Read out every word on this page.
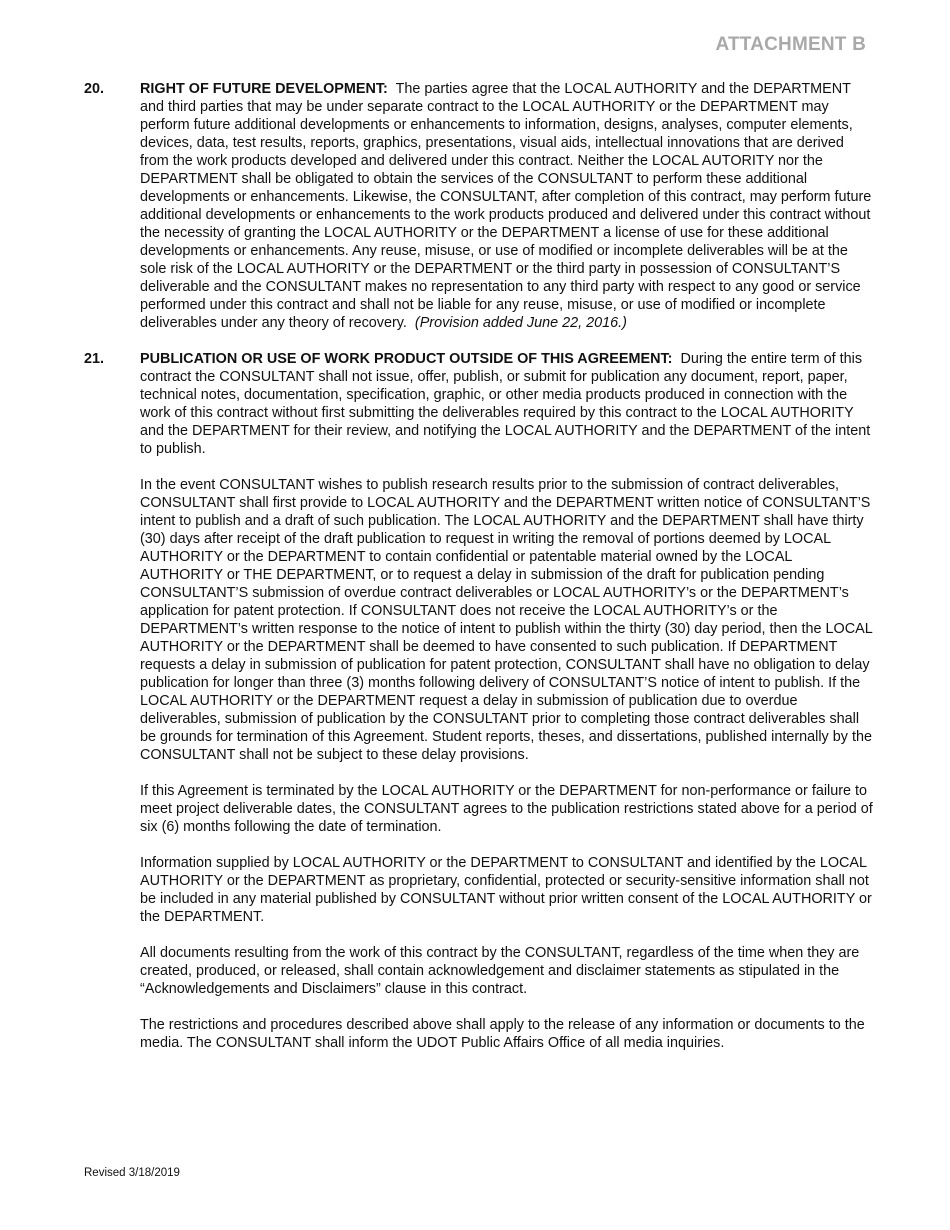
ATTACHMENT B
20. RIGHT OF FUTURE DEVELOPMENT: The parties agree that the LOCAL AUTHORITY and the DEPARTMENT and third parties that may be under separate contract to the LOCAL AUTHORITY or the DEPARTMENT may perform future additional developments or enhancements to information, designs, analyses, computer elements, devices, data, test results, reports, graphics, presentations, visual aids, intellectual innovations that are derived from the work products developed and delivered under this contract. Neither the LOCAL AUTORITY nor the DEPARTMENT shall be obligated to obtain the services of the CONSULTANT to perform these additional developments or enhancements. Likewise, the CONSULTANT, after completion of this contract, may perform future additional developments or enhancements to the work products produced and delivered under this contract without the necessity of granting the LOCAL AUTHORITY or the DEPARTMENT a license of use for these additional developments or enhancements. Any reuse, misuse, or use of modified or incomplete deliverables will be at the sole risk of the LOCAL AUTHORITY or the DEPARTMENT or the third party in possession of CONSULTANT’S deliverable and the CONSULTANT makes no representation to any third party with respect to any good or service performed under this contract and shall not be liable for any reuse, misuse, or use of modified or incomplete deliverables under any theory of recovery. (Provision added June 22, 2016.)

21. PUBLICATION OR USE OF WORK PRODUCT OUTSIDE OF THIS AGREEMENT: During the entire term of this contract the CONSULTANT shall not issue, offer, publish, or submit for publication any document, report, paper, technical notes, documentation, specification, graphic, or other media products produced in connection with the work of this contract without first submitting the deliverables required by this contract to the LOCAL AUTHORITY and the DEPARTMENT for their review, and notifying the LOCAL AUTHORITY and the DEPARTMENT of the intent to publish.

In the event CONSULTANT wishes to publish research results prior to the submission of contract deliverables, CONSULTANT shall first provide to LOCAL AUTHORITY and the DEPARTMENT written notice of CONSULTANT’S intent to publish and a draft of such publication. The LOCAL AUTHORITY and the DEPARTMENT shall have thirty (30) days after receipt of the draft publication to request in writing the removal of portions deemed by LOCAL AUTHORITY or the DEPARTMENT to contain confidential or patentable material owned by the LOCAL AUTHORITY or THE DEPARTMENT, or to request a delay in submission of the draft for publication pending CONSULTANT’S submission of overdue contract deliverables or LOCAL AUTHORITY’s or the DEPARTMENT’s application for patent protection. If CONSULTANT does not receive the LOCAL AUTHORITY’s or the DEPARTMENT’s written response to the notice of intent to publish within the thirty (30) day period, then the LOCAL AUTHORITY or the DEPARTMENT shall be deemed to have consented to such publication. If DEPARTMENT requests a delay in submission of publication for patent protection, CONSULTANT shall have no obligation to delay publication for longer than three (3) months following delivery of CONSULTANT’S notice of intent to publish. If the LOCAL AUTHORITY or the DEPARTMENT request a delay in submission of publication due to overdue deliverables, submission of publication by the CONSULTANT prior to completing those contract deliverables shall be grounds for termination of this Agreement. Student reports, theses, and dissertations, published internally by the CONSULTANT shall not be subject to these delay provisions.

If this Agreement is terminated by the LOCAL AUTHORITY or the DEPARTMENT for non-performance or failure to meet project deliverable dates, the CONSULTANT agrees to the publication restrictions stated above for a period of six (6) months following the date of termination.

Information supplied by LOCAL AUTHORITY or the DEPARTMENT to CONSULTANT and identified by the LOCAL AUTHORITY or the DEPARTMENT as proprietary, confidential, protected or security-sensitive information shall not be included in any material published by CONSULTANT without prior written consent of the LOCAL AUTHORITY or the DEPARTMENT.

All documents resulting from the work of this contract by the CONSULTANT, regardless of the time when they are created, produced, or released, shall contain acknowledgement and disclaimer statements as stipulated in the “Acknowledgements and Disclaimers” clause in this contract.

The restrictions and procedures described above shall apply to the release of any information or documents to the media. The CONSULTANT shall inform the UDOT Public Affairs Office of all media inquiries.

Revised 3/18/2019
